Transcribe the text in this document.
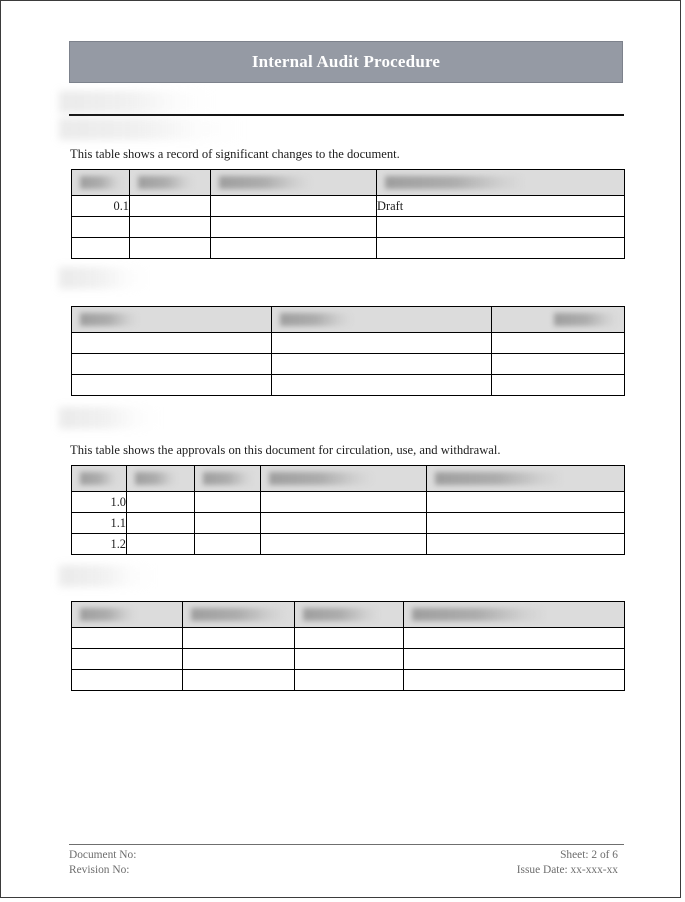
Internal Audit Procedure
This table shows a record of significant changes to the document.

0.1			Draft

This table shows the approvals on this document for circulation, use, and withdrawal.

1.0				
1.1				
1.2				

Document No:
Revision No:
Sheet: 2 of 6
Issue Date: xx-xxx-xx
